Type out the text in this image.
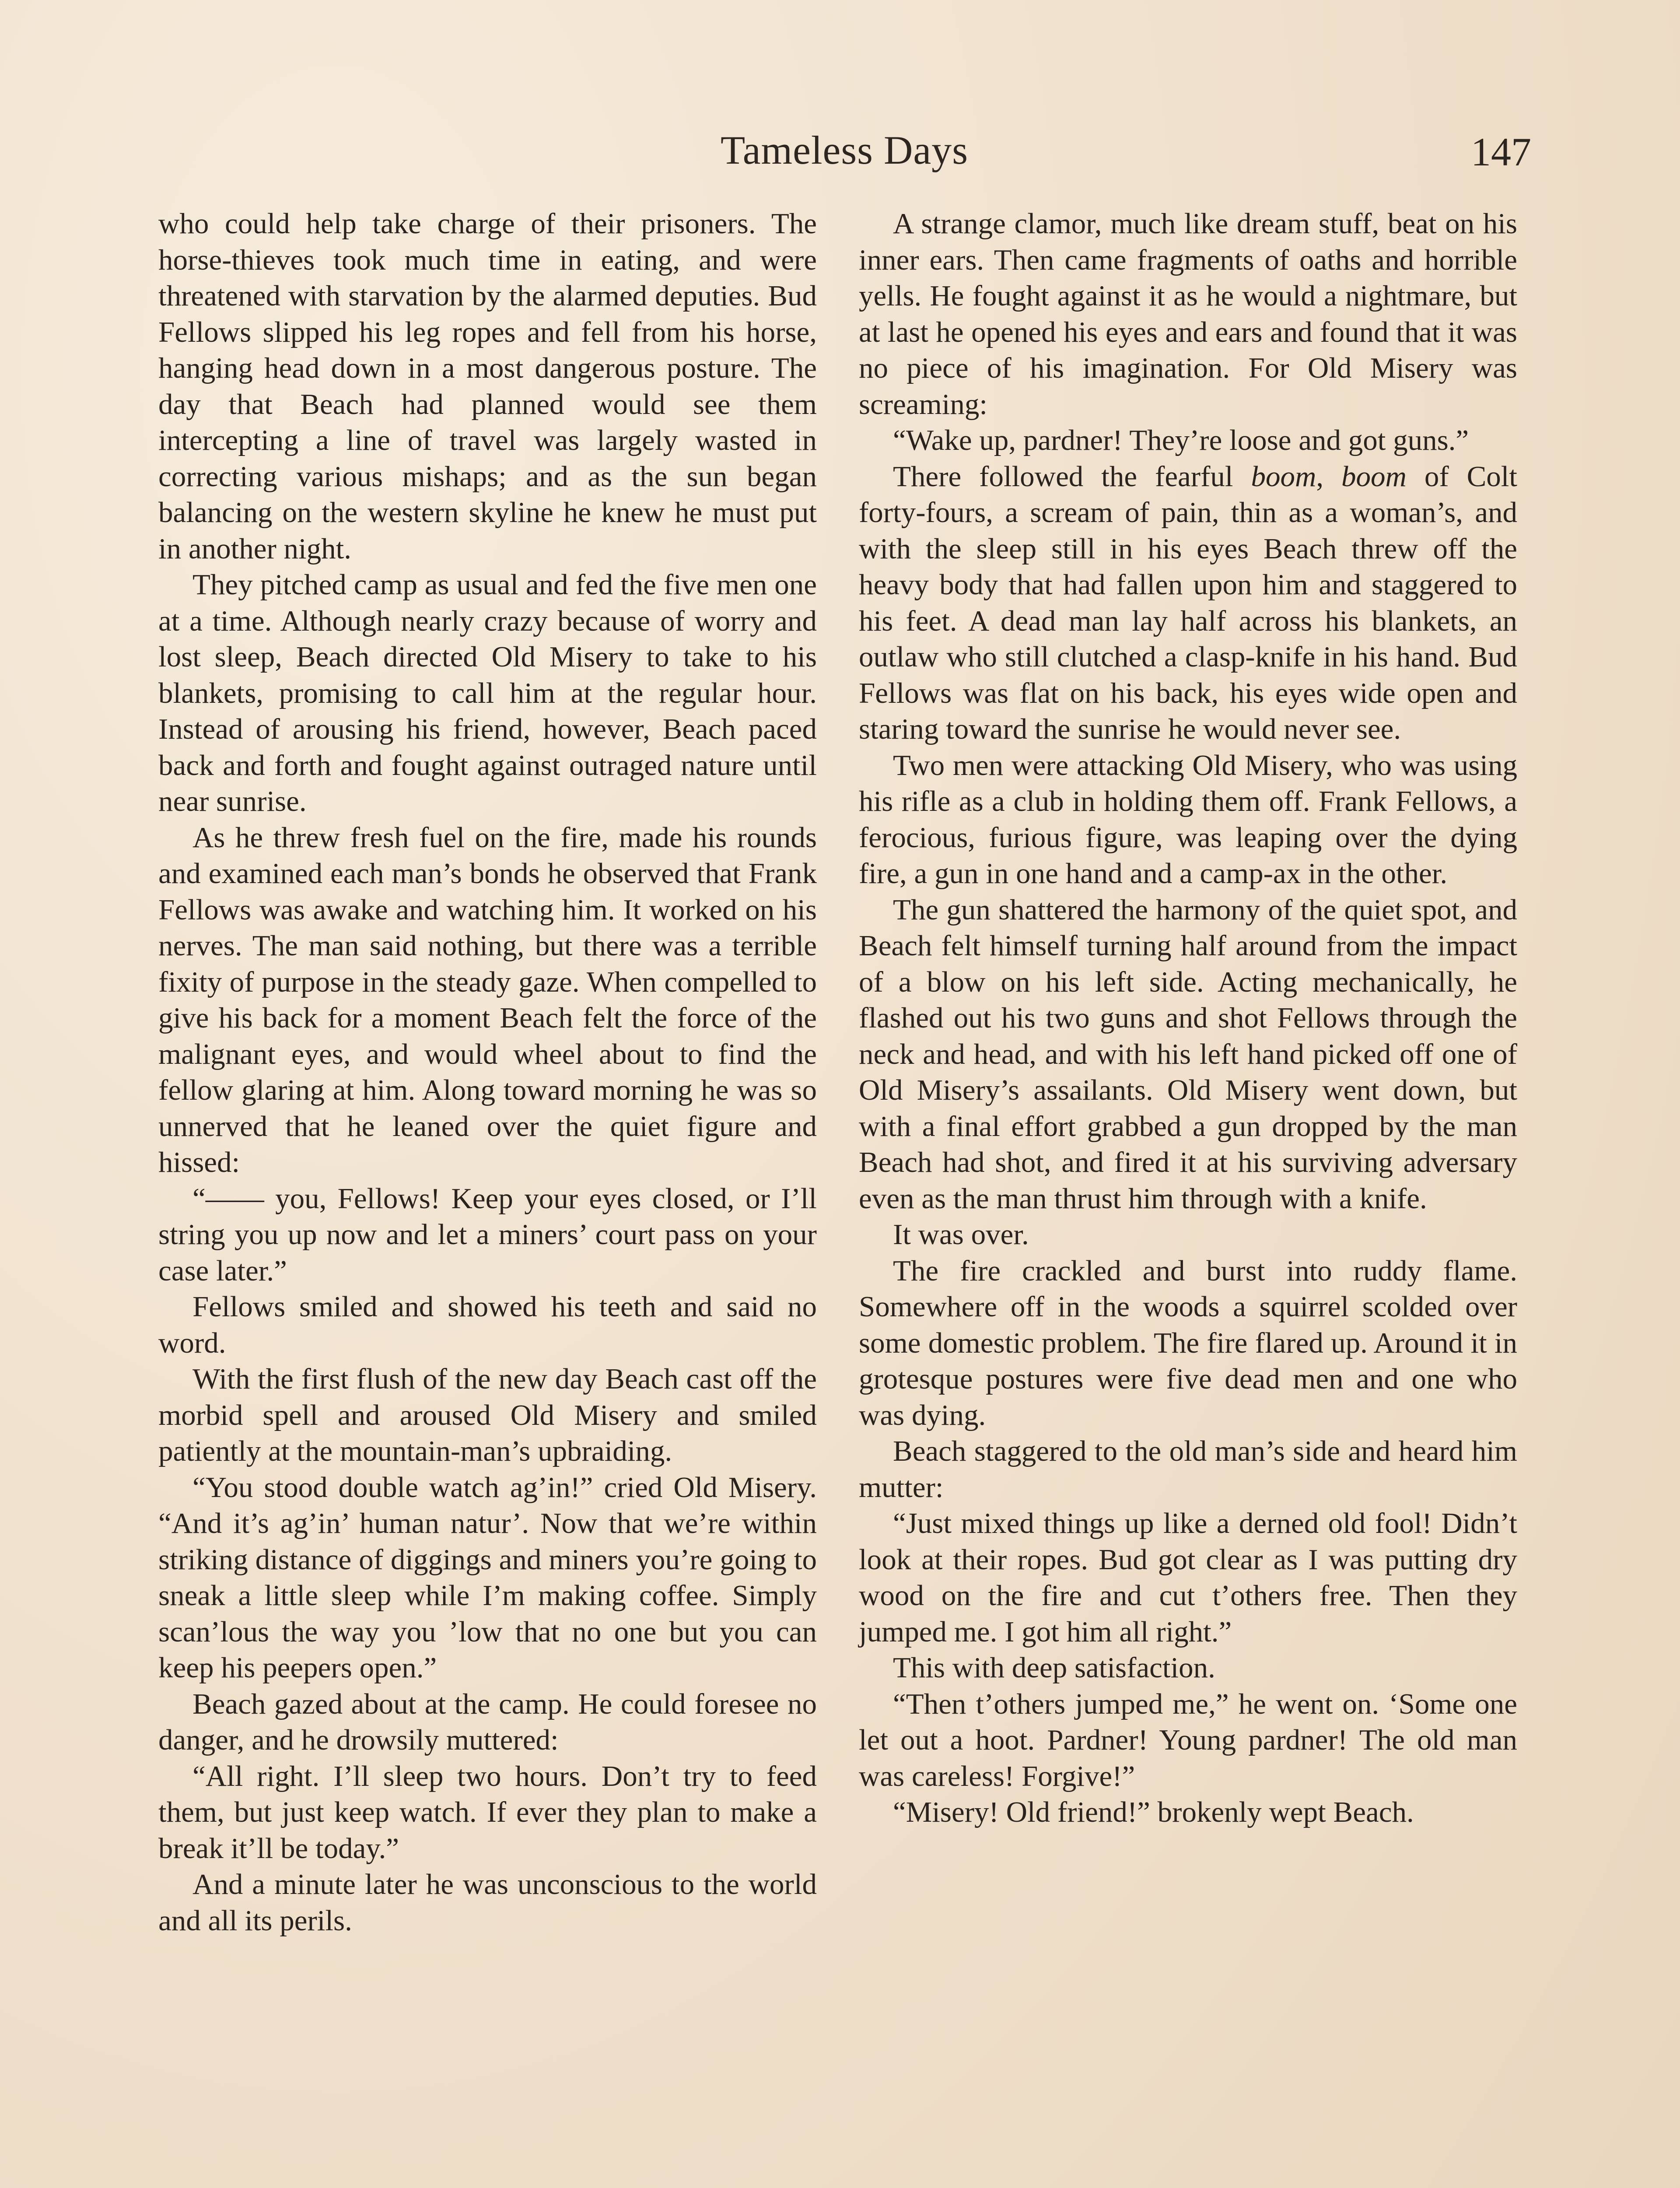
Tameless Days	147

who could help take charge of their prisoners. The horse-thieves took much time in eating, and were threatened with starvation by the alarmed deputies. Bud Fellows slipped his leg ropes and fell from his horse, hanging head down in a most dangerous posture. The day that Beach had planned would see them intercepting a line of travel was largely wasted in correcting various mishaps; and as the sun began balancing on the western skyline he knew he must put in another night.

They pitched camp as usual and fed the five men one at a time. Although nearly crazy because of worry and lost sleep, Beach directed Old Misery to take to his blankets, promising to call him at the regular hour. Instead of arousing his friend, however, Beach paced back and forth and fought against outraged nature until near sunrise.

As he threw fresh fuel on the fire, made his rounds and examined each man’s bonds he observed that Frank Fellows was awake and watching him. It worked on his nerves. The man said nothing, but there was a terrible fixity of purpose in the steady gaze. When compelled to give his back for a moment Beach felt the force of the malignant eyes, and would wheel about to find the fellow glaring at him. Along toward morning he was so unnerved that he leaned over the quiet figure and hissed:

“—— you, Fellows! Keep your eyes closed, or I’ll string you up now and let a miners’ court pass on your case later.”

Fellows smiled and showed his teeth and said no word.

With the first flush of the new day Beach cast off the morbid spell and aroused Old Misery and smiled patiently at the mountain-man’s upbraiding.

“You stood double watch ag’in!” cried Old Misery. “And it’s ag’in’ human natur’. Now that we’re within striking distance of diggings and miners you’re going to sneak a little sleep while I’m making coffee. Simply scan’lous the way you ’low that no one but you can keep his peepers open.”

Beach gazed about at the camp. He could foresee no danger, and he drowsily muttered:

“All right. I’ll sleep two hours. Don’t try to feed them, but just keep watch. If ever they plan to make a break it’ll be today.”

And a minute later he was unconscious to the world and all its perils.

A strange clamor, much like dream stuff, beat on his inner ears. Then came fragments of oaths and horrible yells. He fought against it as he would a nightmare, but at last he opened his eyes and ears and found that it was no piece of his imagination. For Old Misery was screaming:

“Wake up, pardner! They’re loose and got guns.”

There followed the fearful boom, boom of Colt forty-fours, a scream of pain, thin as a woman’s, and with the sleep still in his eyes Beach threw off the heavy body that had fallen upon him and staggered to his feet. A dead man lay half across his blankets, an outlaw who still clutched a clasp-knife in his hand. Bud Fellows was flat on his back, his eyes wide open and staring toward the sunrise he would never see.

Two men were attacking Old Misery, who was using his rifle as a club in holding them off. Frank Fellows, a ferocious, furious figure, was leaping over the dying fire, a gun in one hand and a camp-ax in the other.

The gun shattered the harmony of the quiet spot, and Beach felt himself turning half around from the impact of a blow on his left side. Acting mechanically, he flashed out his two guns and shot Fellows through the neck and head, and with his left hand picked off one of Old Misery’s assailants. Old Misery went down, but with a final effort grabbed a gun dropped by the man Beach had shot, and fired it at his surviving adversary even as the man thrust him through with a knife.

It was over.

The fire crackled and burst into ruddy flame. Somewhere off in the woods a squirrel scolded over some domestic problem. The fire flared up. Around it in grotesque postures were five dead men and one who was dying.

Beach staggered to the old man’s side and heard him mutter:

“Just mixed things up like a derned old fool! Didn’t look at their ropes. Bud got clear as I was putting dry wood on the fire and cut t’others free. Then they jumped me. I got him all right.”

This with deep satisfaction.

“Then t’others jumped me,” he went on. ‘Some one let out a hoot. Pardner! Young pardner! The old man was careless! Forgive!”

“Misery! Old friend!” brokenly wept Beach.
